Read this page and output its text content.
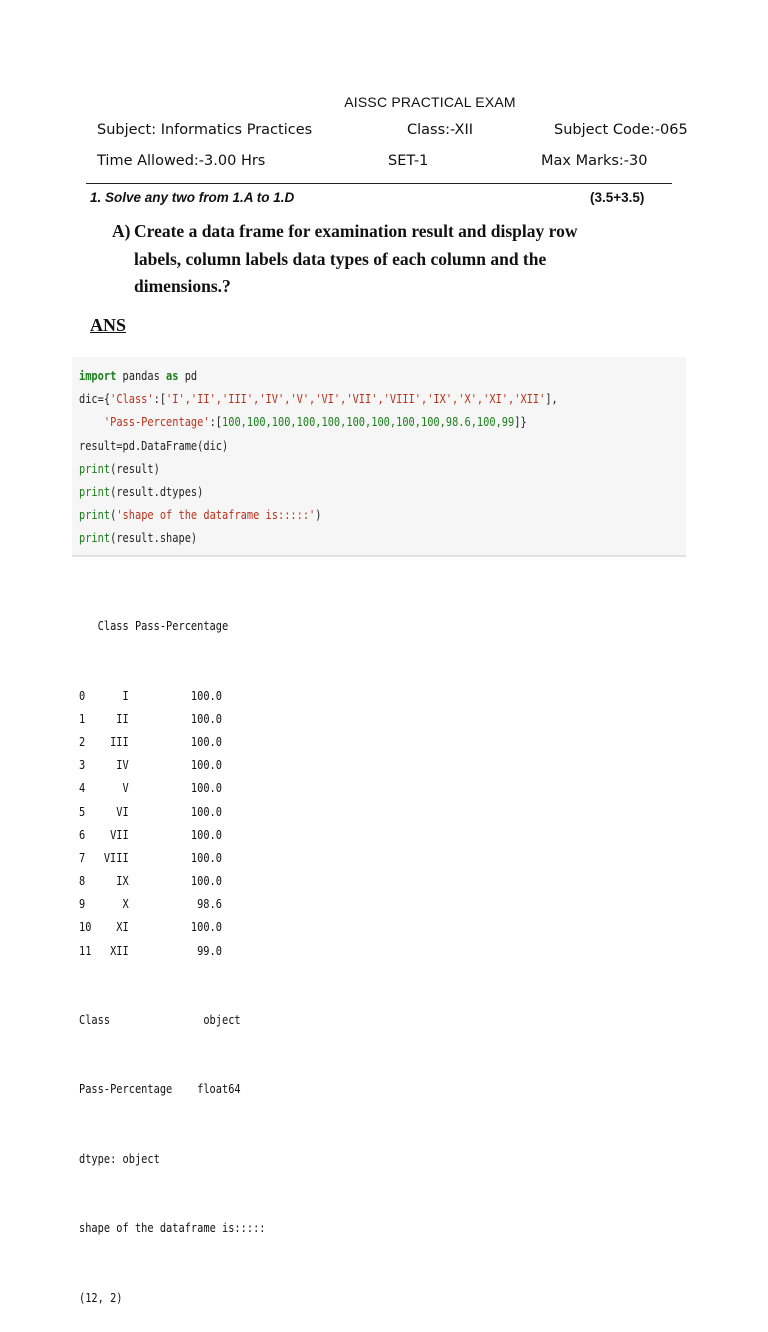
AISSC PRACTICAL EXAM
Subject: Informatics Practices	Class:-XII	Subject Code:-065
Time Allowed:-3.00 Hrs	SET-1	Max Marks:-30
1. Solve any two from 1.A to 1.D	(3.5+3.5)
A) Create a data frame for examination result and display row
labels, column labels data types of each column and the
dimensions.?
ANS
import pandas as pd
dic={'Class':['I','II','III','IV','V','VI','VII','VIII','IX','X','XI','XII'],
'Pass-Percentage':[100,100,100,100,100,100,100,100,100,98.6,100,99]}
result=pd.DataFrame(dic)
print(result)
print(result.dtypes)
print('shape of the dataframe is:::::')
print(result.shape)

Class Pass-Percentage

0	I	100.0
1 II	100.0
2 III	100.0
3 IV	100.0
4	V	100.0
5 VI	100.0
6 VII	100.0
7 VIII	100.0
8 IX	100.0
9	X	98.6
10 XI	100.0
11 XII	99.0

Class	object

Pass-Percentage float64

dtype: object

shape of the dataframe is:::::

(12, 2)
